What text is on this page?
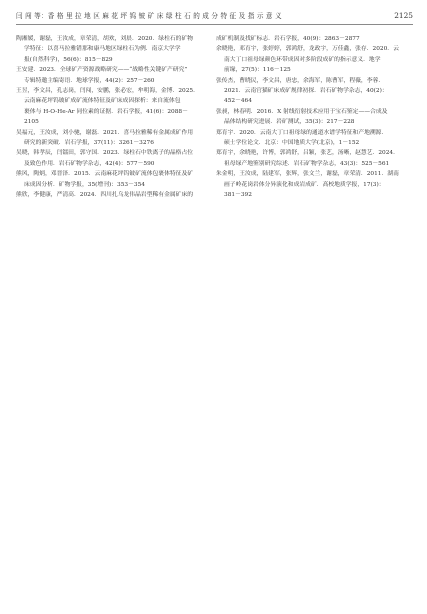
闫 闯 等：香 格 里 拉 地 区 麻 花 坪 钨 铍 矿 床 绿 柱 石 的 成 分 特 征 及 指 示 意 义	2125

陶湘媛，谢磊，王汝成，章荣清，胡欢，刘晨．2020．绿柱石的矿物
学特征：以喜马拉雅错那和康马地区绿柱石为例．南京大学学
报(自然科学)，56(6)：815－829

王安建．2023．全球矿产资源战略研究——“战略性关键矿产研究”
专辑特邀主编寄语．地球学报，44(2)：257－260

王昱，李文昌，孔志岗，闫闯，安鹏，张必宏，牟明海，金博．2025．
云南麻花坪钨铍矿成矿流体特征及矿床成因探析：来自流体包
裹体与 H-O-He-Ar 同位素的证据．岩石学报，41(6)：2088－
2105

吴福元，王汝成，刘小驰，谢磊．2021．喜马拉雅稀有金属成矿作用
研究的新突破．岩石学报，37(11)：3261－3276

吴晓，韩孝辰，闫镭田，郭守国．2023．绿柱石中铁离子的晶格占位
及致色作用．岩石矿物学杂志，42(4)：577－590

熊风，陶炳，邓晋泽．2015．云南麻花坪钨铍矿流体包裹体特征及矿
床成因分析．矿物学报，35(增刊)：353－354

熊欣，李健康，严清高．2024．四川扎乌龙伟晶岩型稀有金属矿床的

成矿机制及找矿标志．岩石学报，40(9)：2863－2877

余晓艳，邓育宇，张婷婷，郭鸿舒，龙政宇，万佳鑫，张存．2020．云
南大丁口祖母绿颜色环带成因对多阶段成矿的指示意义．地学
前缘，27(5)：116－125

张传杰，曹晓民，李文昌，唐忠，余海军，陈曹军，程薇，李蓉．
2021．云南官猫矿床成矿规律初探．岩石矿物学杂志，40(2)：
452－464

张昶，林春明．2016．X 射线衍射技术应用于宝石鉴定——合成及
晶体结构研究进展．岩矿测试，35(3)：217－228

郑育宇．2020．云南大丁口祖母绿的通道水谱学特征和产地溯源．
硕士学位论文．北京：中国地质大学(北京)，1－152

郑育宇，余晓艳，许博，郭鸿舒，吕颖，张艺，汤晰，赵慧艺．2024．
祖母绿产地鉴别研究综述．岩石矿物学杂志，43(3)：525－561

朱金明，王汝成，陆建军，张辉，张文兰，谢磊，章荣清．2011．湖南
画子岭花岗岩体分异演化和成岩成矿．高校地质学报，17(3)：
381－392
